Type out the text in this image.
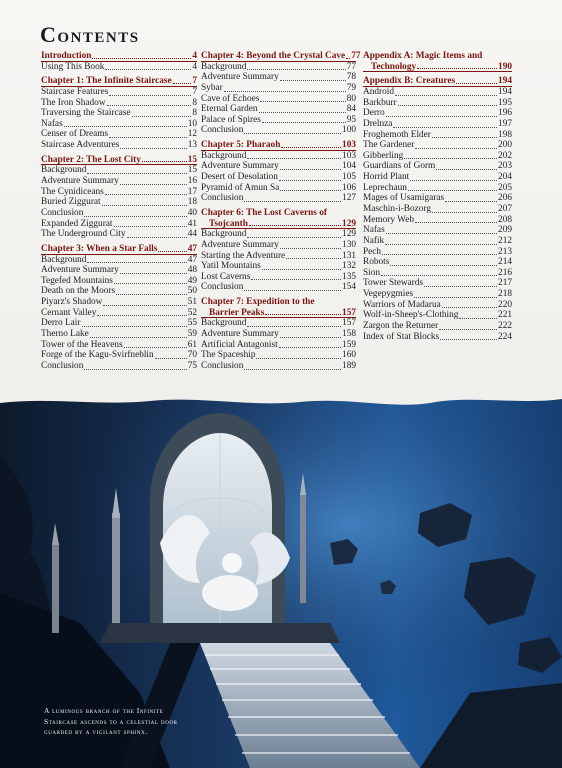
Contents
Introduction	4
Using This Book	4
Chapter 1: The Infinite Staircase 7
Staircase Features	7
The Iron Shadow	8
Traversing the Staircase	8
Nafas	10
Censer of Dreams	12
Staircase Adventures	13
Chapter 2: The Lost City	15
Background	15
Adventure Summary	16
The Cynidiceans	17
Buried Ziggurat	18
Conclusion	40
Expanded Ziggurat	41
The Underground City	44
Chapter 3: When a Star Falls	47
Background	47
Adventure Summary	48
Tegefed Mountains	49
Death on the Moors	50
Piyarz's Shadow	51
Cernant Valley	52
Derro Lair	55
Therno Lake	59
Tower of the Heavens	61
Forge of the Kagu-Svirfneblin	70
Conclusion	75
Chapter 4: Beyond the Crystal Cave 77
Background	77
Adventure Summary	78
Sybar	79
Cave of Echoes	80
Eternal Garden	84
Palace of Spires	95
Conclusion	100
Chapter 5: Pharaoh	103
Background	103
Adventure Summary	104
Desert of Desolation	105
Pyramid of Amun Sa	106
Conclusion	127
Chapter 6: The Lost Caverns of
Tsojcanth	129
Background	129
Adventure Summary	130
Starting the Adventure	131
Yatil Mountains	132
Lost Caverns	135
Conclusion	154
Chapter 7: Expedition to the
Barrier Peaks	157
Background	157
Adventure Summary	158
Artificial Antagonist	159
The Spaceship	160
Conclusion	189
Appendix A: Magic Items and
Technology	190
Appendix B: Creatures	194
Android	194
Barkburr	195
Derro	196
Drelnza	197
Froghemoth Elder	198
The Gardener	200
Gibberling	202
Guardians of Gorm	203
Horrid Plant	204
Leprechaun	205
Mages of Usamigaras	206
Maschin-i-Bozorg	207
Memory Web	208
Nafas	209
Nafik	212
Pech	213
Robots	214
Sion	216
Tower Stewards	217
Vegepygmies	218
Warriors of Madarua	220
Wolf-in-Sheep's-Clothing	221
Zargon the Returner	222
Index of Stat Blocks	224
A luminous branch of the Infinite
Staircase ascends to a celestial door
guarded by a vigilant sphinx.
